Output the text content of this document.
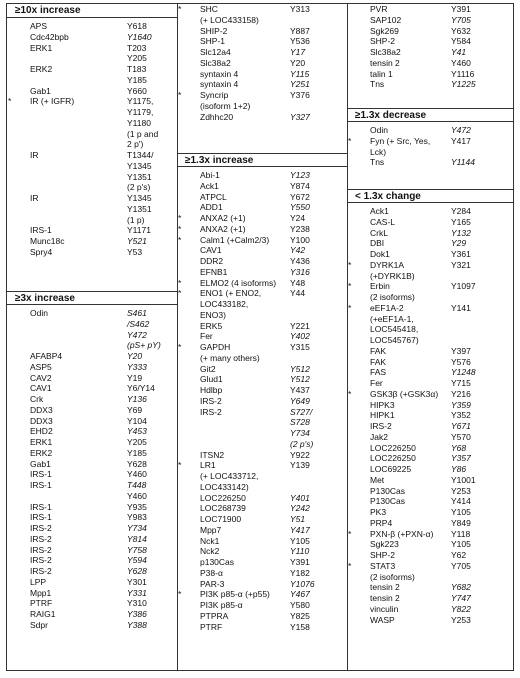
≥10x increase
APS	Y618
Cdc42bpb	Y1640
ERK1	T203
Y205
ERK2	T183
Y185
Gab1	Y660
* IR (+ IGFR)	Y1175,
Y1179,
Y1180
(1 p and
2 p')
IR	T1344/
Y1345
Y1351
(2 p's)
IR	Y1345
Y1351
(1 p)
IRS-1	Y1171
Munc18c	Y521
Spry4	Y53
≥3x increase
Odin	S461
/S462
Y472
(pS+ pY)
AFABP4	Y20
ASP5	Y333
CAV2	Y19
CAV1	Y6/Y14
Crk	Y136
DDX3	Y69
DDX3	Y104
EHD2	Y453
ERK1	Y205
ERK2	Y185
Gab1	Y628
IRS-1	Y460
IRS-1	T448
Y460
IRS-1	Y935
IRS-1	Y983
IRS-2	Y734
IRS-2	Y814
IRS-2	Y758
IRS-2	Y594
IRS-2	Y628
LPP	Y301
Mpp1	Y331
PTRF	Y310
RAIG1	Y386
Sdpr	Y388
* SHC	Y313
(+ LOC433158)
SHIP-2	Y887
SHP-1	Y536
Slc12a4	Y17
Slc38a2	Y20
syntaxin 4	Y115
syntaxin 4	Y251
* Syncrip	Y376
(isoform 1+2)
Zdhhc20	Y327
≥1.3x increase
Abi-1	Y123
Ack1	Y874
ATPCL	Y672
ADD1	Y550
* ANXA2 (+1)	Y24
* ANXA2 (+1)	Y238
* Calm1 (+Calm2/3) Y100
CAV1	Y42
DDR2	Y436
EFNB1	Y316
* ELMO2 (4 isoforms) Y48
* ENO1 (+ ENO2,	Y44
LOC433182,
ENO3)
ERK5	Y221
Fer	Y402
* GAPDH	Y315
(+ many others)
Git2	Y512
Glud1	Y512
Hdlbp	Y437
IRS-2	Y649
IRS-2	S727/
S728
Y734
(2 p's)
ITSN2	Y922
* LR1	Y139
(+ LOC433712,
LOC433142)
LOC226250	Y401
LOC268739	Y242
LOC71900	Y51
Mpp7	Y417
Nck1	Y105
Nck2	Y110
p130Cas	Y391
P38-α	Y182
PAR-3	Y1076
* PI3K p85-α (+p55) Y467
PI3K p85-α	Y580
PTPRA	Y825
PTRF	Y158
PVR	Y391
SAP102	Y705
Sgk269	Y632
SHP-2	Y584
Slc38a2	Y41
tensin 2	Y460
talin 1	Y1116
Tns	Y1225
≥1.3x decrease
Odin	Y472
* Fyn (+ Src, Yes, Y417
Lck)
Tns	Y1144
< 1.3x change
Ack1	Y284
CAS-L	Y165
CrkL	Y132
DBI	Y29
Dok1	Y361
* DYRK1A	Y321
(+DYRK1B)
* Erbin	Y1097
(2 isoforms)
* eEF1A-2	Y141
(+eEF1A-1,
LOC545418,
LOC545767)
FAK	Y397
FAK	Y576
FAS	Y1248
Fer	Y715
* GSK3β (+GSK3α) Y216
HIPK3	Y359
HIPK1	Y352
IRS-2	Y671
Jak2	Y570
LOC226250	Y68
LOC226250	Y357
LOC69225	Y86
Met	Y1001
P130Cas	Y253
P130Cas	Y414
PK3	Y105
PRP4	Y849
* PXN-β (+PXN-α) Y118
Sgk223	Y105
SHP-2	Y62
* STAT3	Y705
(2 isoforms)
tensin 2	Y682
tensin 2	Y747
vinculin	Y822
WASP	Y253
